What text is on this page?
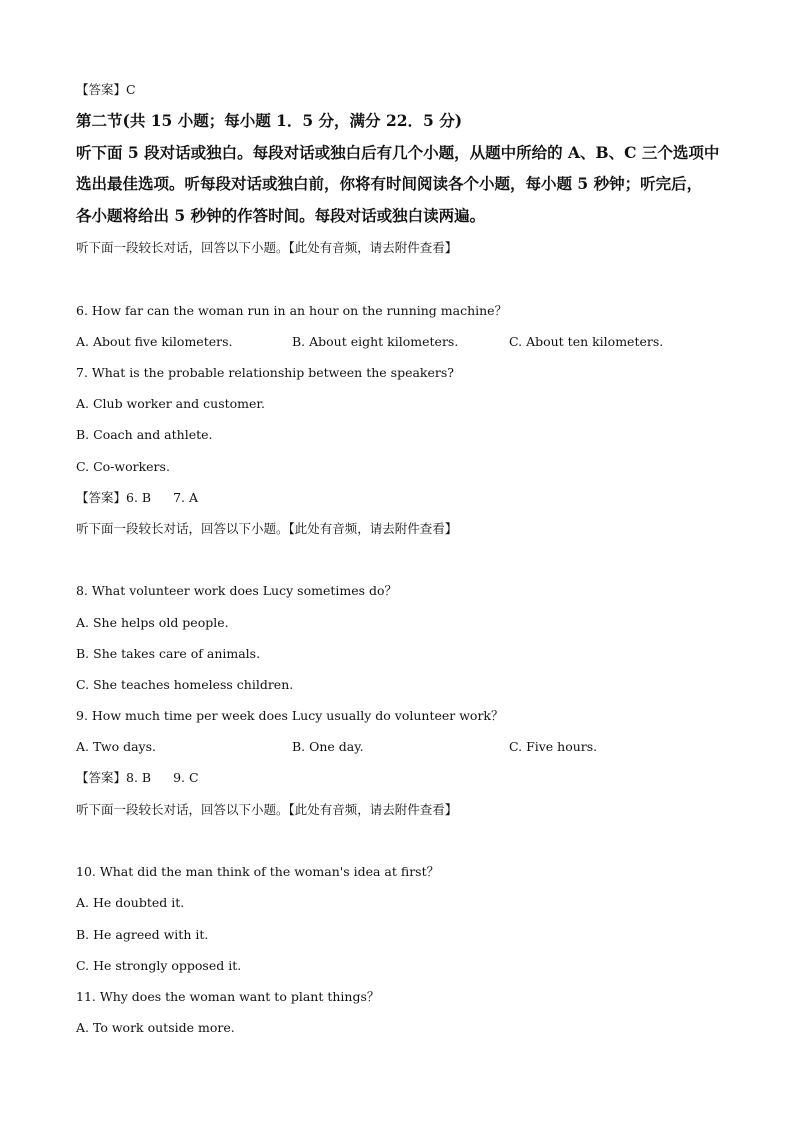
【答案】C
第二节(共 15 小题；每小题 1．5 分，满分 22．5 分)
听下面 5 段对话或独白。每段对话或独白后有几个小题，从题中所给的 A、B、C 三个选项中
选出最佳选项。听每段对话或独白前，你将有时间阅读各个小题，每小题 5 秒钟；听完后，
各小题将给出 5 秒钟的作答时间。每段对话或独白读两遍。
听下面一段较长对话，回答以下小题。【此处有音频，请去附件查看】
6. How far can the woman run in an hour on the running machine？
A. About five kilometers.	B. About eight kilometers.	C. About ten kilometers.
7. What is the probable relationship between the speakers?
A. Club worker and customer.
B. Coach and athlete.
C. Co-workers.
【答案】6. B 7. A
听下面一段较长对话，回答以下小题。【此处有音频，请去附件查看】
8. What volunteer work does Lucy sometimes do？
A. She helps old people.
B. She takes care of animals.
C. She teaches homeless children.
9. How much time per week does Lucy usually do volunteer work？
A. Two days.	B. One day.	C. Five hours.
【答案】8. B 9. C
听下面一段较长对话，回答以下小题。【此处有音频，请去附件查看】
10. What did the man think of the woman's idea at first？
A. He doubted it.
B. He agreed with it.
C. He strongly opposed it.
11. Why does the woman want to plant things？
A. To work outside more.
